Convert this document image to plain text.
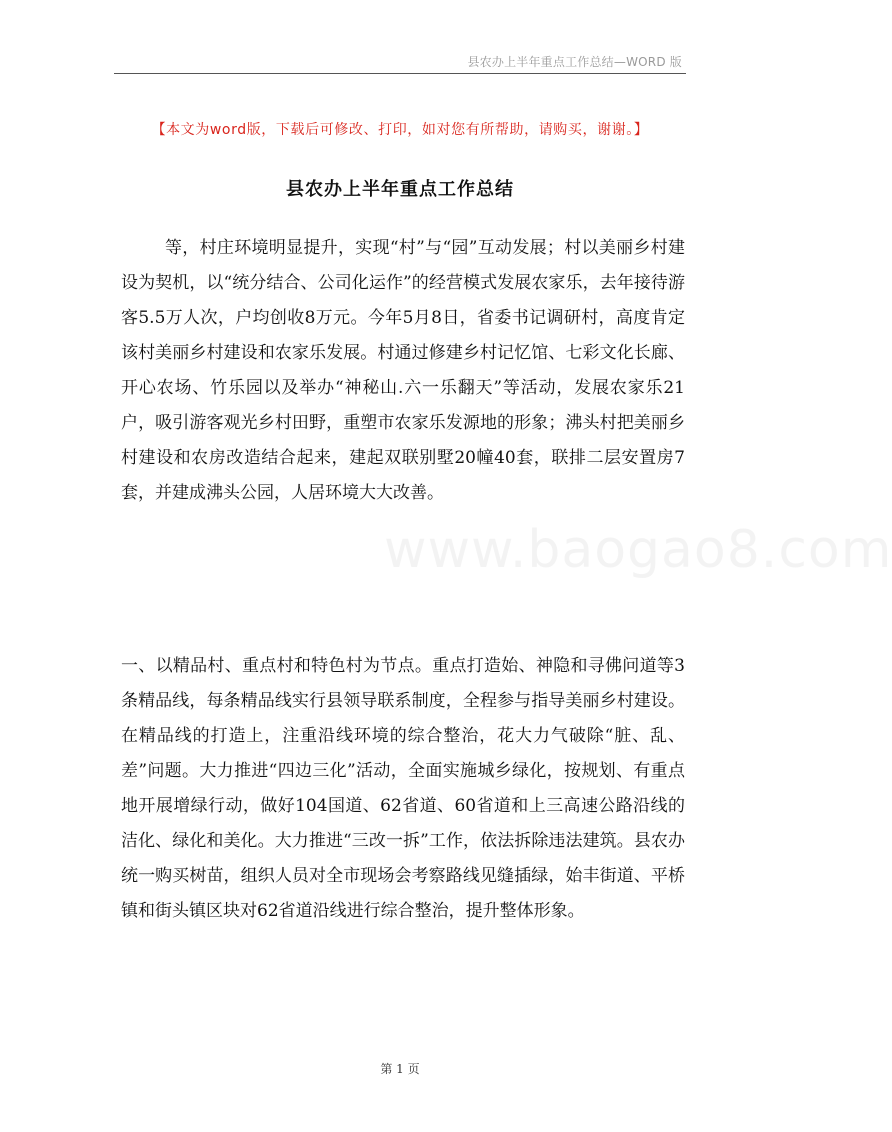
县农办上半年重点工作总结—WORD 版
【本文为word版，下载后可修改、打印，如对您有所帮助，请购买，谢谢。】
县农办上半年重点工作总结

等，村庄环境明显提升，实现“村”与“园”互动发展；村以美丽乡村建设为契机，以“统分结合、公司化运作”的经营模式发展农家乐，去年接待游客5.5万人次，户均创收8万元。今年5月8日，省委书记调研村，高度肯定该村美丽乡村建设和农家乐发展。村通过修建乡村记忆馆、七彩文化长廊、开心农场、竹乐园以及举办“神秘山.六一乐翻天”等活动，发展农家乐21户，吸引游客观光乡村田野，重塑市农家乐发源地的形象；沸头村把美丽乡村建设和农房改造结合起来，建起双联别墅20幢40套，联排二层安置房7套，并建成沸头公园，人居环境大大改善。

www.baogao8.com

一、以精品村、重点村和特色村为节点。重点打造始、神隐和寻佛问道等3条精品线，每条精品线实行县领导联系制度，全程参与指导美丽乡村建设。在精品线的打造上，注重沿线环境的综合整治，花大力气破除“脏、乱、差”问题。大力推进“四边三化”活动，全面实施城乡绿化，按规划、有重点地开展增绿行动，做好104国道、62省道、60省道和上三高速公路沿线的洁化、绿化和美化。大力推进“三改一拆”工作，依法拆除违法建筑。县农办统一购买树苗，组织人员对全市现场会考察路线见缝插绿，始丰街道、平桥镇和街头镇区块对62省道沿线进行综合整治，提升整体形象。

第 1 页
